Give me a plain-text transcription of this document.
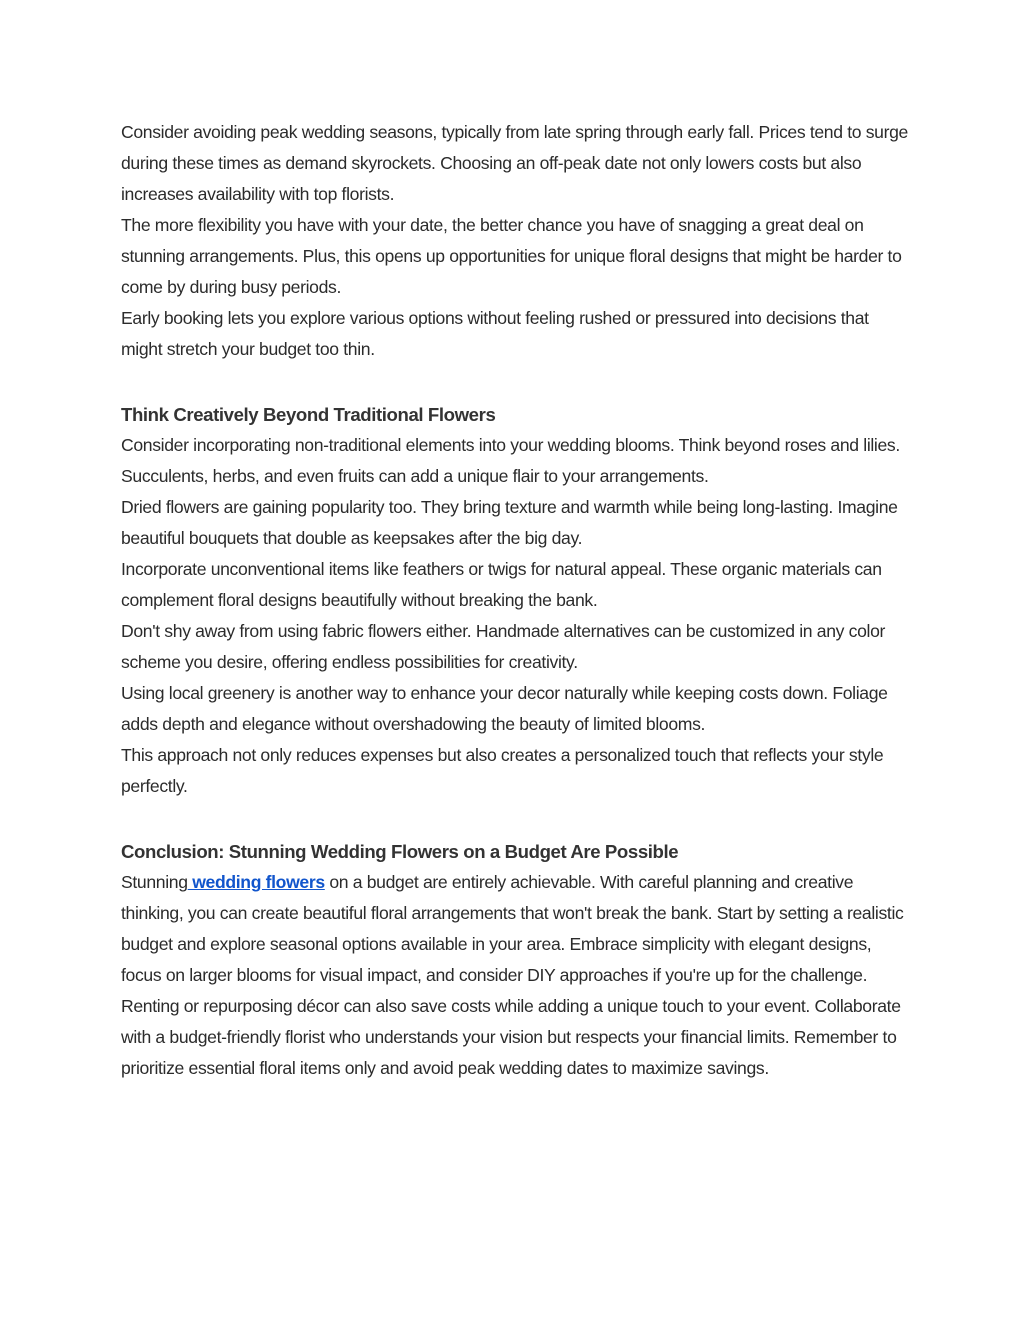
Consider avoiding peak wedding seasons, typically from late spring through early fall. Prices tend to surge during these times as demand skyrockets. Choosing an off-peak date not only lowers costs but also increases availability with top florists.

The more flexibility you have with your date, the better chance you have of snagging a great deal on stunning arrangements. Plus, this opens up opportunities for unique floral designs that might be harder to come by during busy periods.

Early booking lets you explore various options without feeling rushed or pressured into decisions that might stretch your budget too thin.

Think Creatively Beyond Traditional Flowers

Consider incorporating non-traditional elements into your wedding blooms. Think beyond roses and lilies. Succulents, herbs, and even fruits can add a unique flair to your arrangements.

Dried flowers are gaining popularity too. They bring texture and warmth while being long-lasting. Imagine beautiful bouquets that double as keepsakes after the big day.

Incorporate unconventional items like feathers or twigs for natural appeal. These organic materials can complement floral designs beautifully without breaking the bank.

Don't shy away from using fabric flowers either. Handmade alternatives can be customized in any color scheme you desire, offering endless possibilities for creativity.

Using local greenery is another way to enhance your decor naturally while keeping costs down. Foliage adds depth and elegance without overshadowing the beauty of limited blooms.

This approach not only reduces expenses but also creates a personalized touch that reflects your style perfectly.

Conclusion: Stunning Wedding Flowers on a Budget Are Possible

Stunning wedding flowers on a budget are entirely achievable. With careful planning and creative thinking, you can create beautiful floral arrangements that won't break the bank. Start by setting a realistic budget and explore seasonal options available in your area. Embrace simplicity with elegant designs, focus on larger blooms for visual impact, and consider DIY approaches if you're up for the challenge.

Renting or repurposing décor can also save costs while adding a unique touch to your event. Collaborate with a budget-friendly florist who understands your vision but respects your financial limits. Remember to prioritize essential floral items only and avoid peak wedding dates to maximize savings.
